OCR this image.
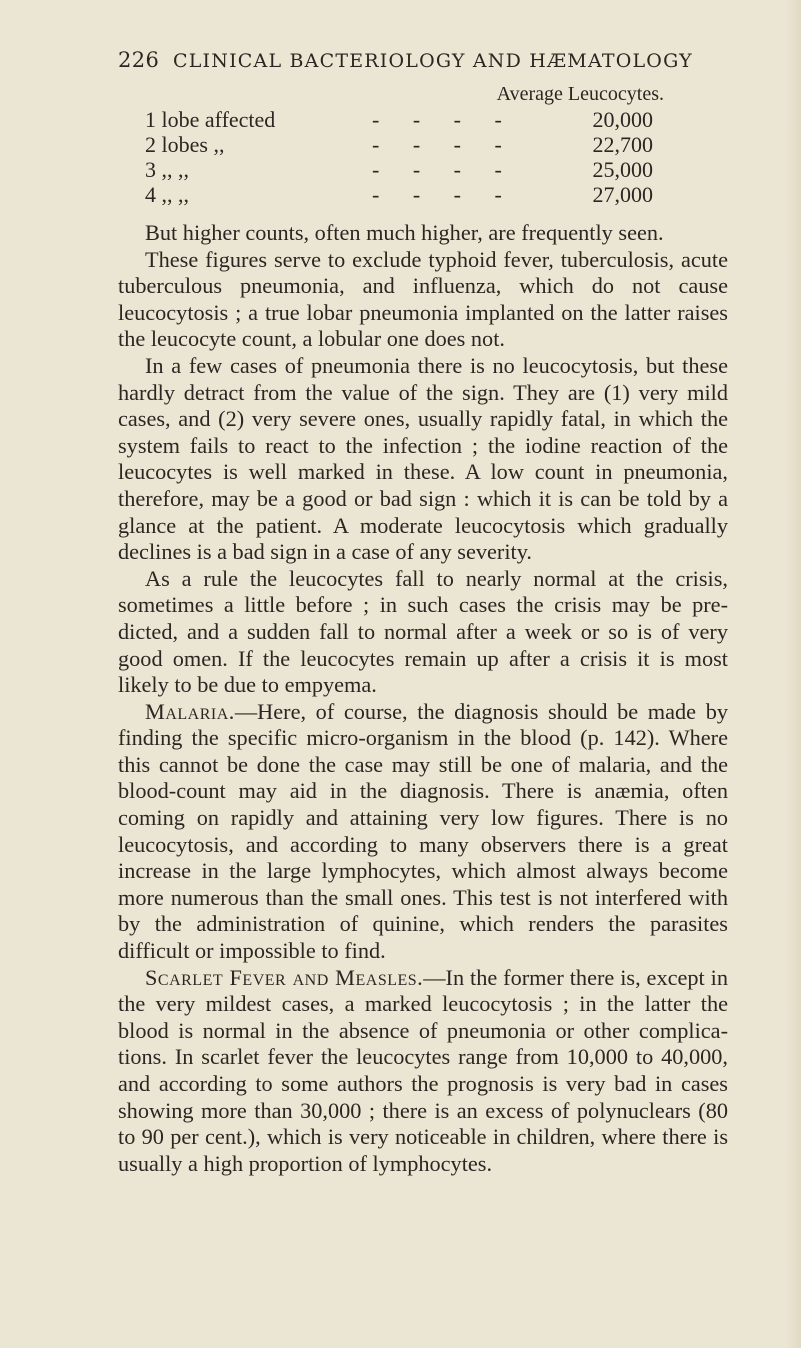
226 CLINICAL BACTERIOLOGY AND HÆMATOLOGY
Average Leucocytes.
1 lobe affected	- - - -	20,000
2 lobes ,,	- - - -	22,700
3 ,, ,,	- - - -	25,000
4 ,, ,,	- - - -	27,000

But higher counts, often much higher, are frequently seen.

These figures serve to exclude typhoid fever, tuberculosis, acute tuberculous pneumonia, and influenza, which do not cause leucocytosis ; a true lobar pneumonia implanted on the latter raises the leucocyte count, a lobular one does not.

In a few cases of pneumonia there is no leucocytosis, but these hardly detract from the value of the sign. They are (1) very mild cases, and (2) very severe ones, usually rapidly fatal, in which the system fails to react to the infection ; the iodine reaction of the leucocytes is well marked in these. A low count in pneumonia, therefore, may be a good or bad sign : which it is can be told by a glance at the patient. A moderate leucocytosis which gradually declines is a bad sign in a case of any severity.

As a rule the leucocytes fall to nearly normal at the crisis, sometimes a little before ; in such cases the crisis may be pre-dicted, and a sudden fall to normal after a week or so is of very good omen. If the leucocytes remain up after a crisis it is most likely to be due to empyema.

Malaria.—Here, of course, the diagnosis should be made by finding the specific micro-organism in the blood (p. 142). Where this cannot be done the case may still be one of malaria, and the blood-count may aid in the diagnosis. There is anæmia, often coming on rapidly and attaining very low figures. There is no leucocytosis, and according to many observers there is a great increase in the large lymphocytes, which almost always become more numerous than the small ones. This test is not interfered with by the administration of quinine, which renders the parasites difficult or impossible to find.

Scarlet Fever and Measles.—In the former there is, except in the very mildest cases, a marked leucocytosis ; in the latter the blood is normal in the absence of pneumonia or other complica-tions. In scarlet fever the leucocytes range from 10,000 to 40,000, and according to some authors the prognosis is very bad in cases showing more than 30,000 ; there is an excess of polynuclears (80 to 90 per cent.), which is very noticeable in children, where there is usually a high proportion of lymphocytes.
